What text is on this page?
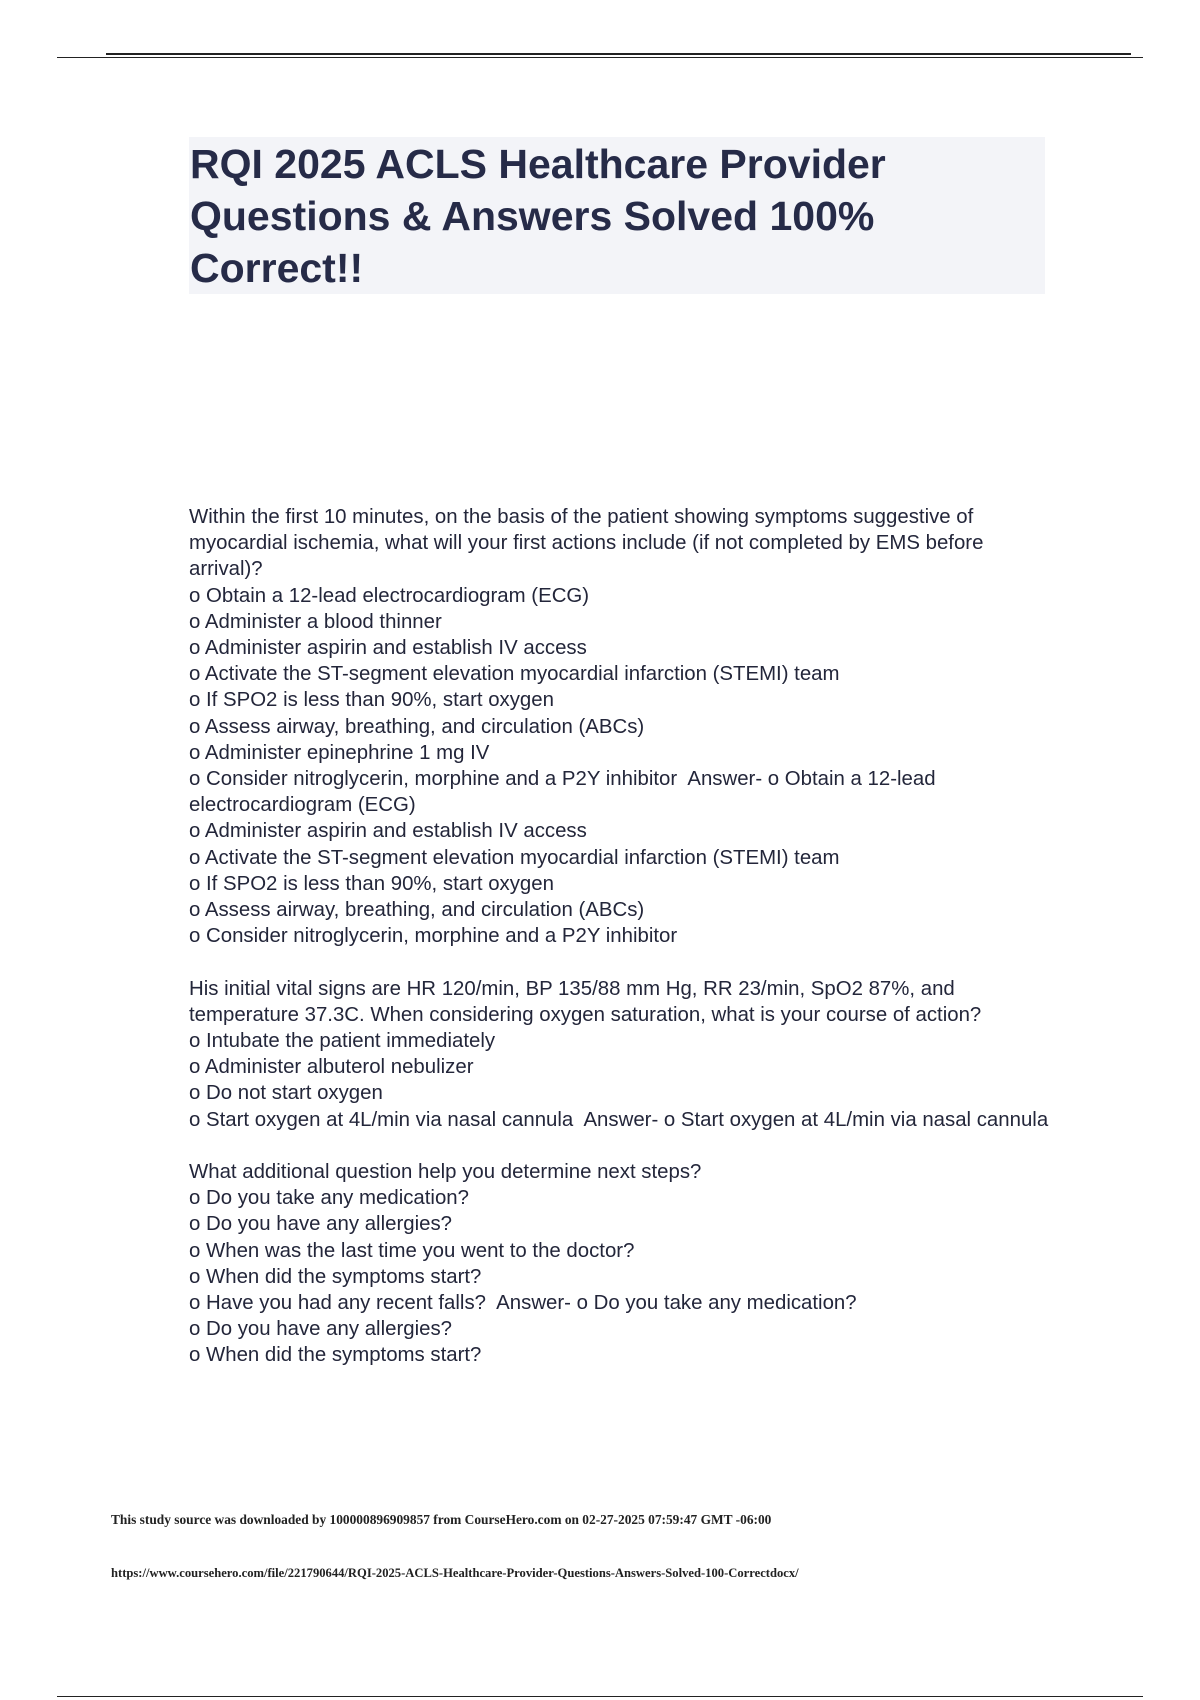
RQI 2025 ACLS Healthcare Provider Questions & Answers Solved 100% Correct!!
Within the first 10 minutes, on the basis of the patient showing symptoms suggestive of myocardial ischemia, what will your first actions include (if not completed by EMS before arrival)?
o Obtain a 12-lead electrocardiogram (ECG)
o Administer a blood thinner
o Administer aspirin and establish IV access
o Activate the ST-segment elevation myocardial infarction (STEMI) team
o If SPO2 is less than 90%, start oxygen
o Assess airway, breathing, and circulation (ABCs)
o Administer epinephrine 1 mg IV
o Consider nitroglycerin, morphine and a P2Y inhibitor  Answer- o Obtain a 12-lead electrocardiogram (ECG)
o Administer aspirin and establish IV access
o Activate the ST-segment elevation myocardial infarction (STEMI) team
o If SPO2 is less than 90%, start oxygen
o Assess airway, breathing, and circulation (ABCs)
o Consider nitroglycerin, morphine and a P2Y inhibitor
His initial vital signs are HR 120/min, BP 135/88 mm Hg, RR 23/min, SpO2 87%, and temperature 37.3C. When considering oxygen saturation, what is your course of action?
o Intubate the patient immediately
o Administer albuterol nebulizer
o Do not start oxygen
o Start oxygen at 4L/min via nasal cannula  Answer- o Start oxygen at 4L/min via nasal cannula
What additional question help you determine next steps?
o Do you take any medication?
o Do you have any allergies?
o When was the last time you went to the doctor?
o When did the symptoms start?
o Have you had any recent falls?  Answer- o Do you take any medication?
o Do you have any allergies?
o When did the symptoms start?
This study source was downloaded by 100000896909857 from CourseHero.com on 02-27-2025 07:59:47 GMT -06:00
https://www.coursehero.com/file/221790644/RQI-2025-ACLS-Healthcare-Provider-Questions-Answers-Solved-100-Correctdocx/
